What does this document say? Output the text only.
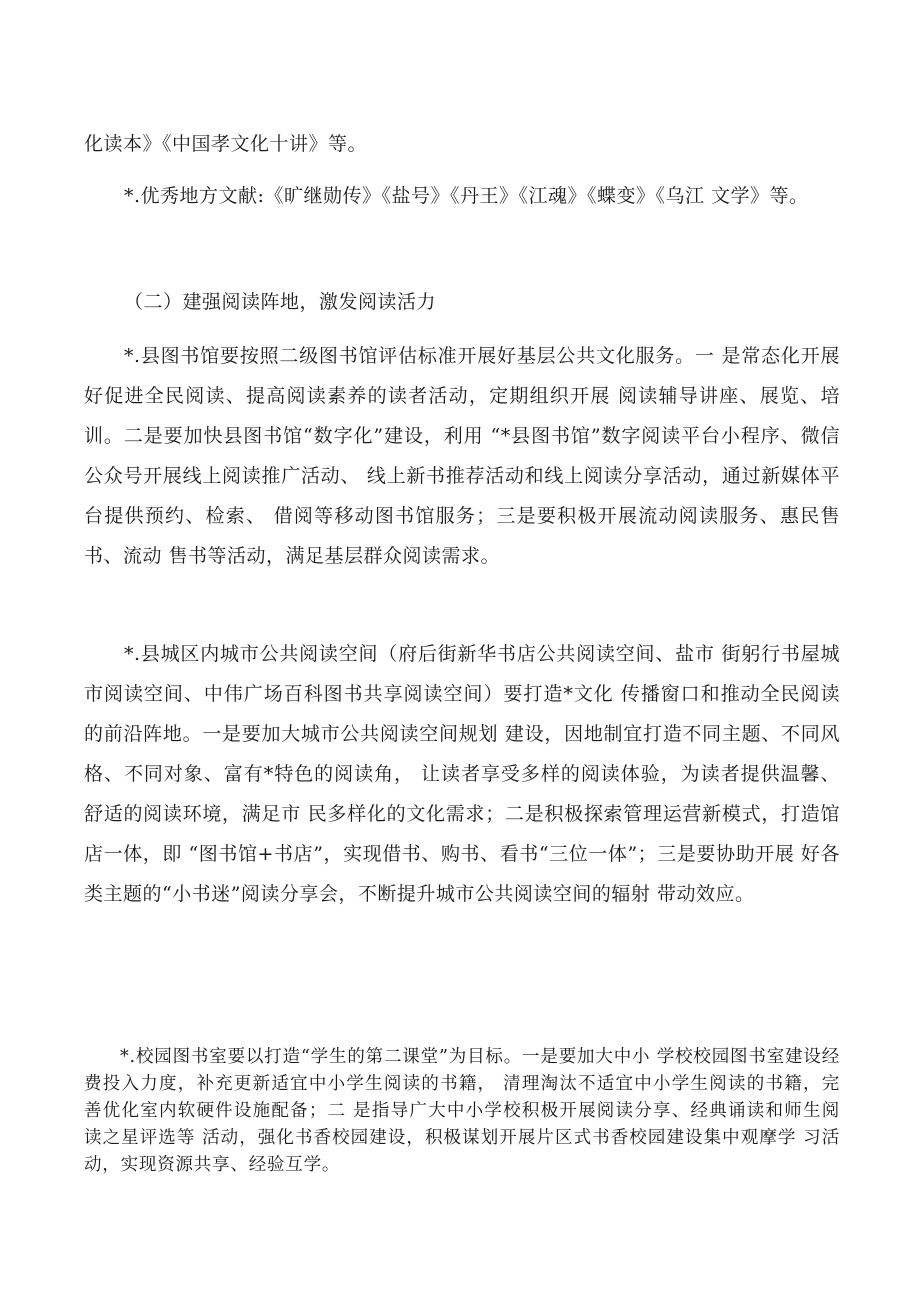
化读本》《中国孝文化十讲》等。

*.优秀地方文献:《旷继勋传》《盐号》《丹王》《江魂》《蝶变》《乌江 文学》等。

（二）建强阅读阵地，激发阅读活力

*.县图书馆要按照二级图书馆评估标准开展好基层公共文化服务。一 是常态化开展好促进全民阅读、提高阅读素养的读者活动，定期组织开展 阅读辅导讲座、展览、培训。二是要加快县图书馆“数字化”建设，利用 “*县图书馆”数字阅读平台小程序、微信公众号开展线上阅读推广活动、 线上新书推荐活动和线上阅读分享活动，通过新媒体平台提供预约、检索、 借阅等移动图书馆服务；三是要积极开展流动阅读服务、惠民售书、流动 售书等活动，满足基层群众阅读需求。

*.县城区内城市公共阅读空间（府后街新华书店公共阅读空间、盐市 街躬行书屋城市阅读空间、中伟广场百科图书共享阅读空间）要打造*文化 传播窗口和推动全民阅读的前沿阵地。一是要加大城市公共阅读空间规划 建设，因地制宜打造不同主题、不同风格、不同对象、富有*特色的阅读角， 让读者享受多样的阅读体验，为读者提供温馨、舒适的阅读环境，满足市 民多样化的文化需求；二是积极探索管理运营新模式，打造馆店一体，即 “图书馆+书店”，实现借书、购书、看书“三位一体”；三是要协助开展 好各类主题的“小书迷”阅读分享会，不断提升城市公共阅读空间的辐射 带动效应。

*.校园图书室要以打造“学生的第二课堂”为目标。一是要加大中小 学校校园图书室建设经费投入力度，补充更新适宜中小学生阅读的书籍， 清理淘汰不适宜中小学生阅读的书籍，完善优化室内软硬件设施配备；二 是指导广大中小学校积极开展阅读分享、经典诵读和师生阅读之星评选等 活动，强化书香校园建设，积极谋划开展片区式书香校园建设集中观摩学 习活动，实现资源共享、经验互学。
